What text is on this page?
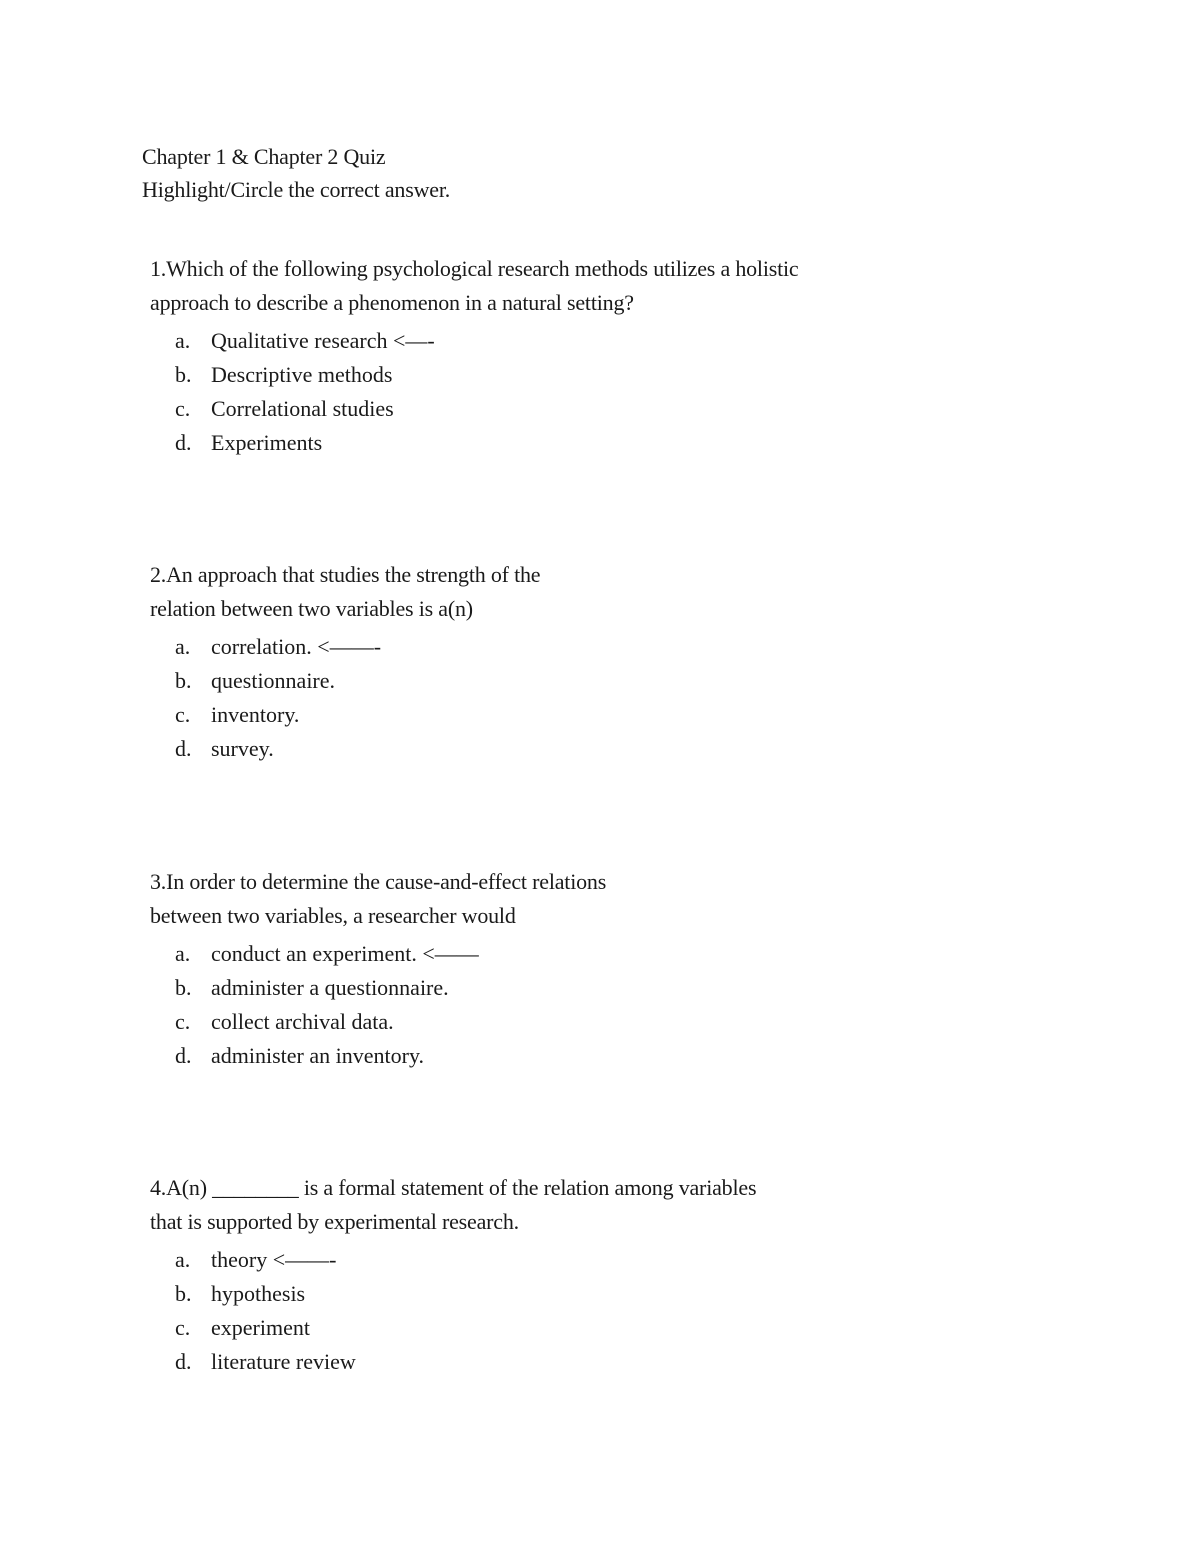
Chapter 1 & Chapter 2 Quiz
Highlight/Circle the correct answer.
1.Which of the following psychological research methods utilizes a holistic
approach to describe a phenomenon in a natural setting?
a. Qualitative research <—-
b. Descriptive methods
c. Correlational studies
d. Experiments
2.An approach that studies the strength of the
relation between two variables is a(n)
a. correlation. <——-
b. questionnaire.
c. inventory.
d. survey.
3.In order to determine the cause-and-effect relations
between two variables, a researcher would
a. conduct an experiment. <——
b. administer a questionnaire.
c. collect archival data.
d. administer an inventory.
4.A(n) ________ is a formal statement of the relation among variables
that is supported by experimental research.
a. theory <——-
b. hypothesis
c. experiment
d. literature review
